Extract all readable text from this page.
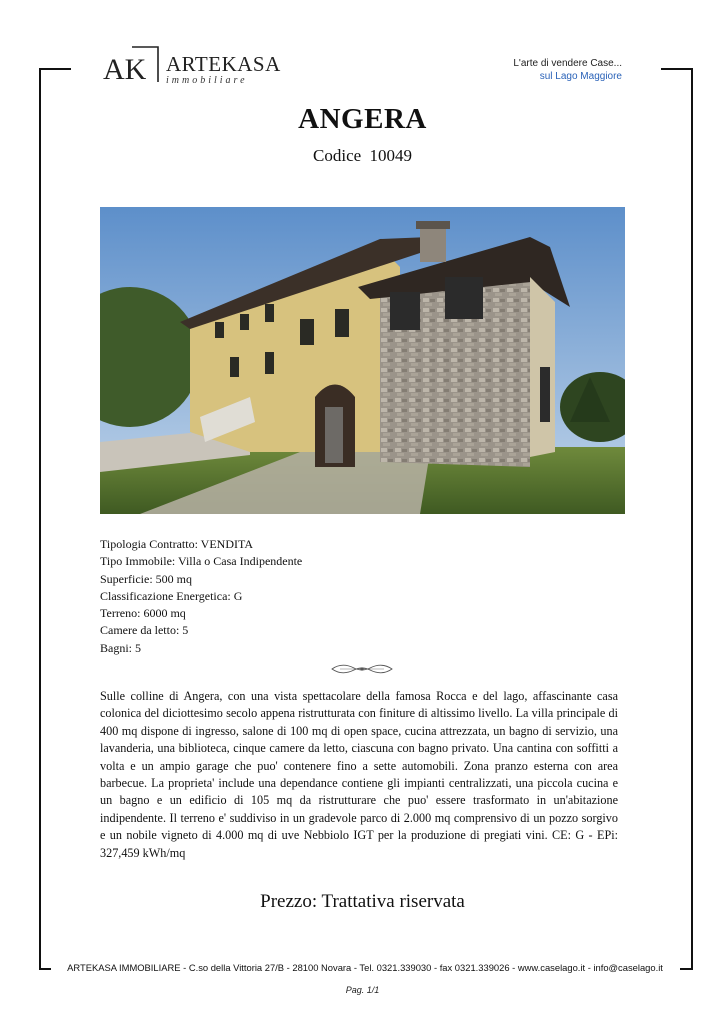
AK ARTEKASA
immobiliare
L'arte di vendere Case...
sul Lago Maggiore
ANGERA
Codice 10049
Tipologia Contratto: VENDITA
Tipo Immobile: Villa o Casa Indipendente
Superficie: 500 mq
Classificazione Energetica: G
Terreno: 6000 mq
Camere da letto: 5
Bagni: 5
Sulle colline di Angera, con una vista spettacolare della famosa Rocca e del lago, affascinante casa colonica del diciottesimo secolo appena ristrutturata con finiture di altissimo livello. La villa principale di 400 mq dispone di ingresso, salone di 100 mq di open space, cucina attrezzata, un bagno di servizio, una lavanderia, una biblioteca, cinque camere da letto, ciascuna con bagno privato. Una cantina con soffitti a volta e un ampio garage che puo' contenere fino a sette automobili. Zona pranzo esterna con area barbecue. La proprieta' include una dependance contiene gli impianti centralizzati, una piccola cucina e un bagno e un edificio di 105 mq da ristrutturare che puo' essere trasformato in un'abitazione indipendente. Il terreno e' suddiviso in un gradevole parco di 2.000 mq comprensivo di un pozzo sorgivo e un nobile vigneto di 4.000 mq di uve Nebbiolo IGT per la produzione di pregiati vini. CE: G - EPi: 327,459 kWh/mq
Prezzo: Trattativa riservata
ARTEKASA IMMOBILIARE - C.so della Vittoria 27/B - 28100 Novara - Tel. 0321.339030 - fax 0321.339026 - www.caselago.it - info@caselago.it
Pag. 1/1
